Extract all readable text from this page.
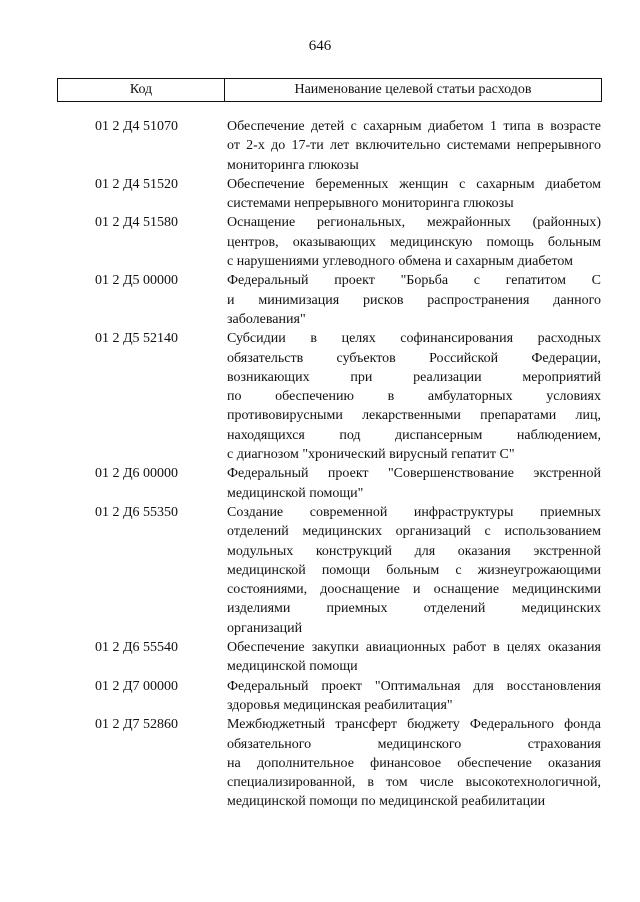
646
Код	Наименование целевой статьи расходов
01 2 Д4 51070	Обеспечение детей с сахарным диабетом 1 типа в возрасте
от 2-х до 17-ти лет включительно системами непрерывного
мониторинга глюкозы
01 2 Д4 51520	Обеспечение беременных женщин с сахарным диабетом
системами непрерывного мониторинга глюкозы
01 2 Д4 51580	Оснащение региональных, межрайонных (районных)
центров, оказывающих медицинскую помощь больным
с нарушениями углеводного обмена и сахарным диабетом
01 2 Д5 00000	Федеральный проект "Борьба с гепатитом С
и минимизация рисков распространения данного
заболевания"
01 2 Д5 52140	Субсидии в целях софинансирования расходных
обязательств субъектов Российской Федерации,
возникающих при реализации мероприятий
по обеспечению в амбулаторных условиях
противовирусными лекарственными препаратами лиц,
находящихся под диспансерным наблюдением,
с диагнозом "хронический вирусный гепатит С"
01 2 Д6 00000	Федеральный проект "Совершенствование экстренной
медицинской помощи"
01 2 Д6 55350	Создание современной инфраструктуры приемных
отделений медицинских организаций с использованием
модульных конструкций для оказания экстренной
медицинской помощи больным с жизнеугрожающими
состояниями, дооснащение и оснащение медицинскими
изделиями приемных отделений медицинских
организаций
01 2 Д6 55540	Обеспечение закупки авиационных работ в целях оказания
медицинской помощи
01 2 Д7 00000	Федеральный проект "Оптимальная для восстановления
здоровья медицинская реабилитация"
01 2 Д7 52860	Межбюджетный трансферт бюджету Федерального фонда
обязательного медицинского страхования
на дополнительное финансовое обеспечение оказания
специализированной, в том числе высокотехнологичной,
медицинской помощи по медицинской реабилитации
